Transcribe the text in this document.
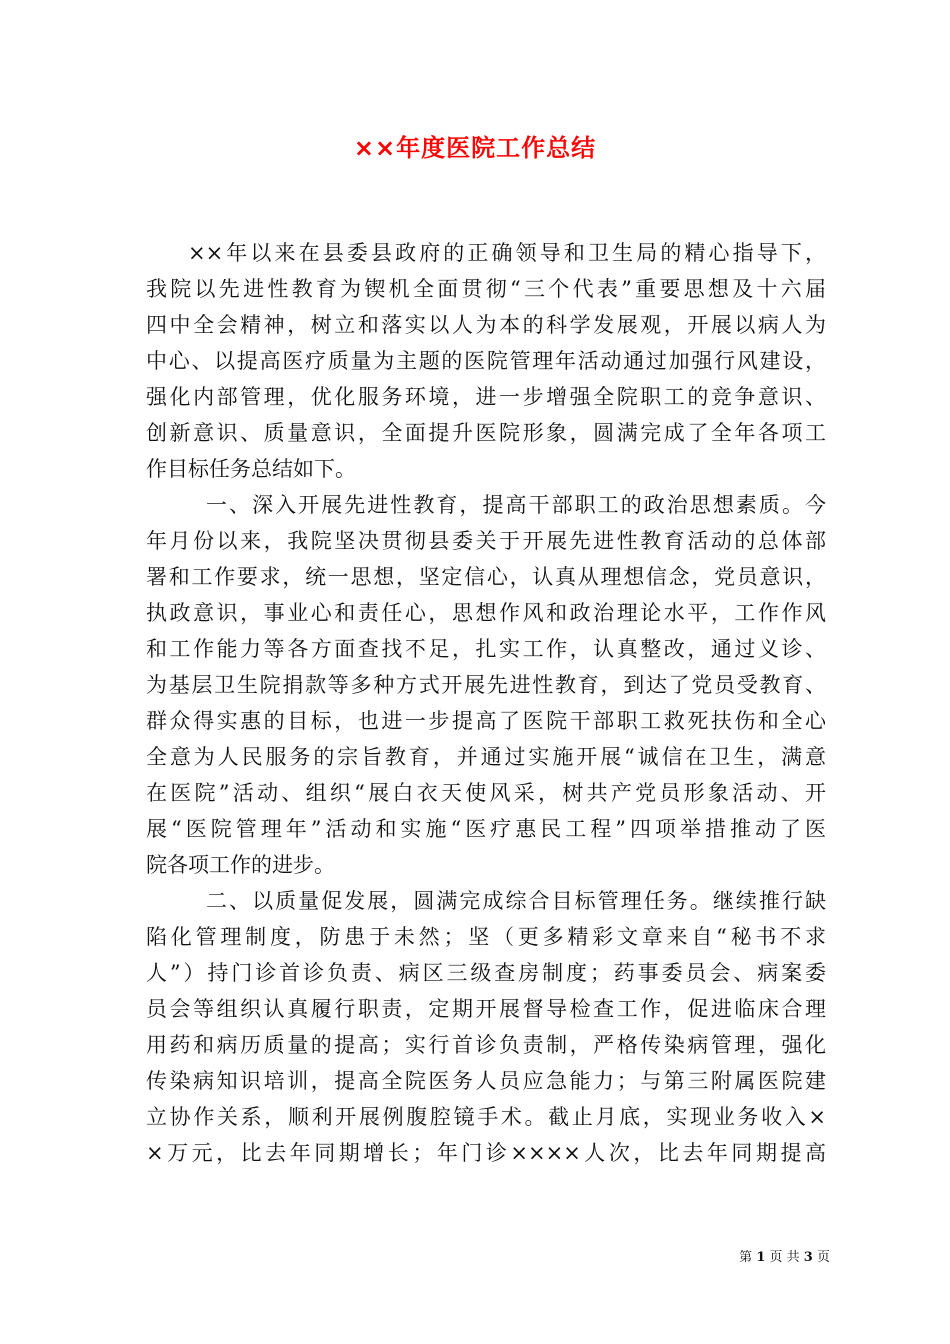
××年度医院工作总结
××年以来在县委县政府的正确领导和卫生局的精心指导下，
我院以先进性教育为锲机全面贯彻“三个代表”重要思想及十六届
四中全会精神，树立和落实以人为本的科学发展观，开展以病人为
中心、以提高医疗质量为主题的医院管理年活动通过加强行风建设，
强化内部管理，优化服务环境，进一步增强全院职工的竞争意识、
创新意识、质量意识，全面提升医院形象，圆满完成了全年各项工
作目标任务总结如下。
一、深入开展先进性教育，提高干部职工的政治思想素质。今
年月份以来，我院坚决贯彻县委关于开展先进性教育活动的总体部
署和工作要求，统一思想，坚定信心，认真从理想信念，党员意识，
执政意识，事业心和责任心，思想作风和政治理论水平，工作作风
和工作能力等各方面查找不足，扎实工作，认真整改，通过义诊、
为基层卫生院捐款等多种方式开展先进性教育，到达了党员受教育、
群众得实惠的目标，也进一步提高了医院干部职工救死扶伤和全心
全意为人民服务的宗旨教育，并通过实施开展“诚信在卫生，满意
在医院”活动、组织“展白衣天使风采，树共产党员形象活动、开
展“医院管理年”活动和实施“医疗惠民工程”四项举措推动了医
院各项工作的进步。
二、以质量促发展，圆满完成综合目标管理任务。继续推行缺
陷化管理制度，防患于未然；坚（更多精彩文章来自“秘书不求
人”）持门诊首诊负责、病区三级查房制度；药事委员会、病案委
员会等组织认真履行职责，定期开展督导检查工作，促进临床合理
用药和病历质量的提高；实行首诊负责制，严格传染病管理，强化
传染病知识培训，提高全院医务人员应急能力；与第三附属医院建
立协作关系，顺利开展例腹腔镜手术。截止月底，实现业务收入×
×万元，比去年同期增长；年门诊××××人次，比去年同期提高
第 1 页 共 3 页
